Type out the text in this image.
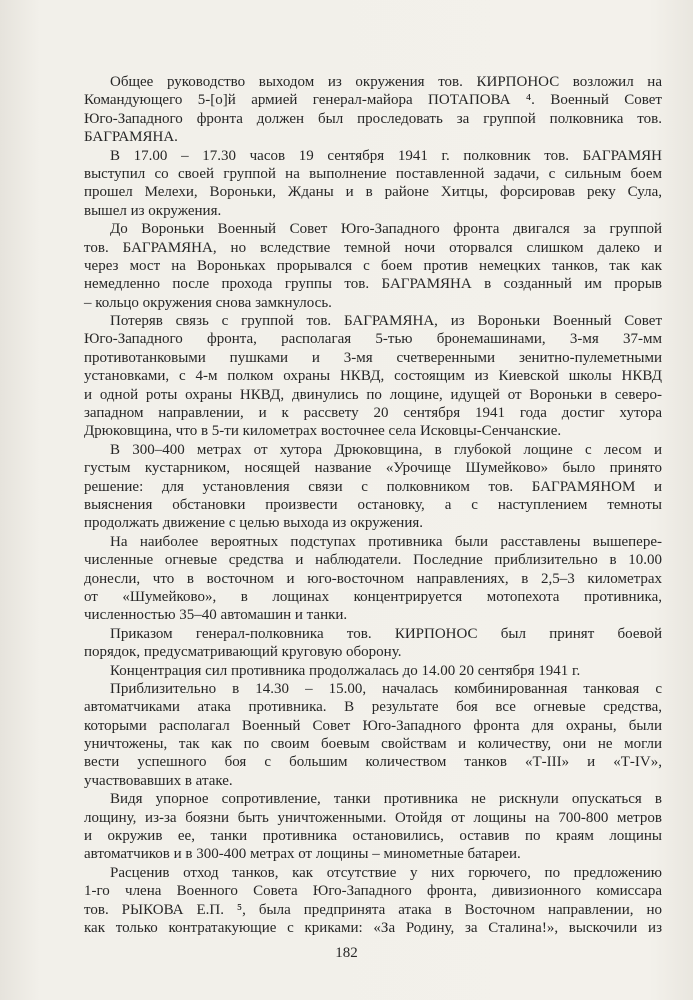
Общее руководство выходом из окружения тов. КИРПОНОС возложил на
Командующего 5-[о]й армией генерал-майора ПОТАПОВА ⁴. Военный Совет
Юго-Западного фронта должен был проследовать за группой полковника тов.
БАГРАМЯНА.
В 17.00 – 17.30 часов 19 сентября 1941 г. полковник тов. БАГРАМЯН
выступил со своей группой на выполнение поставленной задачи, с сильным боем
прошел Мелехи, Вороньки, Жданы и в районе Хитцы, форсировав реку Сула,
вышел из окружения.
До Вороньки Военный Совет Юго-Западного фронта двигался за группой
тов. БАГРАМЯНА, но вследствие темной ночи оторвался слишком далеко и
через мост на Вороньках прорывался с боем против немецких танков, так как
немедленно после прохода группы тов. БАГРАМЯНА в созданный им прорыв
– кольцо окружения снова замкнулось.
Потеряв связь с группой тов. БАГРАМЯНА, из Вороньки Военный Совет
Юго-Западного фронта, располагая 5-тью бронемашинами, 3-мя 37-мм
противотанковыми пушками и 3-мя счетверенными зенитно-пулеметными
установками, с 4-м полком охраны НКВД, состоящим из Киевской школы НКВД
и одной роты охраны НКВД, двинулись по лощине, идущей от Вороньки в северо-
западном направлении, и к рассвету 20 сентября 1941 года достиг хутора
Дрюковщина, что в 5-ти километрах восточнее села Исковцы-Сенчанские.
В 300–400 метрах от хутора Дрюковщина, в глубокой лощине с лесом и
густым кустарником, носящей название «Урочище Шумейково» было принято
решение: для установления связи с полковником тов. БАГРАМЯНОМ и
выяснения обстановки произвести остановку, а с наступлением темноты
продолжать движение с целью выхода из окружения.
На наиболее вероятных подступах противника были расставлены вышепере-
численные огневые средства и наблюдатели. Последние приблизительно в 10.00
донесли, что в восточном и юго-восточном направлениях, в 2,5–3 километрах
от «Шумейково», в лощинах концентрируется мотопехота противника,
численностью 35–40 автомашин и танки.
Приказом генерал-полковника тов. КИРПОНОС был принят боевой
порядок, предусматривающий круговую оборону.
Концентрация сил противника продолжалась до 14.00 20 сентября 1941 г.
Приблизительно в 14.30 – 15.00, началась комбинированная танковая с
автоматчиками атака противника. В результате боя все огневые средства,
которыми располагал Военный Совет Юго-Западного фронта для охраны, были
уничтожены, так как по своим боевым свойствам и количеству, они не могли
вести успешного боя с большим количеством танков «Т-III» и «Т-IV»,
участвовавших в атаке.
Видя упорное сопротивление, танки противника не рискнули опускаться в
лощину, из-за боязни быть уничтоженными. Отойдя от лощины на 700-800 метров
и окружив ее, танки противника остановились, оставив по краям лощины
автоматчиков и в 300-400 метрах от лощины – минометные батареи.
Расценив отход танков, как отсутствие у них горючего, по предложению
1-го члена Военного Совета Юго-Западного фронта, дивизионного комиссара
тов. РЫКОВА Е.П. ⁵, была предпринята атака в Восточном направлении, но
как только контратакующие с криками: «За Родину, за Сталина!», выскочили из
182
